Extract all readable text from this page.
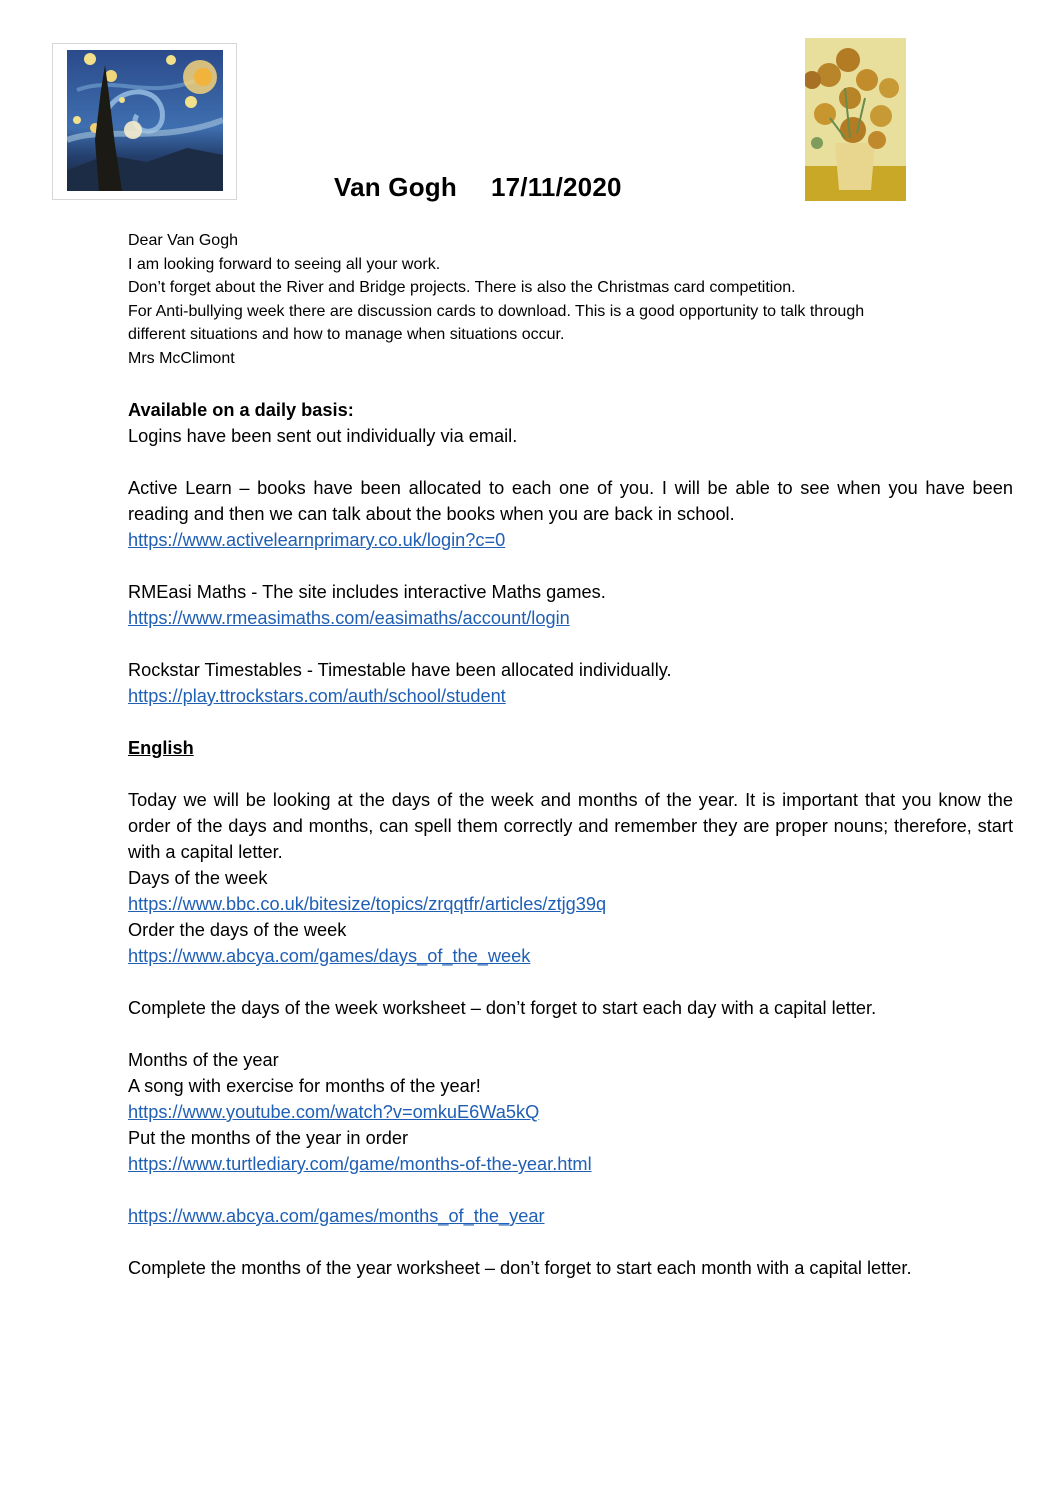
Van Gogh 17/11/2020

Dear Van Gogh

I am looking forward to seeing all your work.

Don’t forget about the River and Bridge projects. There is also the Christmas card competition.

For Anti-bullying week there are discussion cards to download. This is a good opportunity to talk through

different situations and how to manage when situations occur.

Mrs McClimont

Available on a daily basis:

Logins have been sent out individually via email.

Active Learn – books have been allocated to each one of you. I will be able to see when you have been reading and then we can talk about the books when you are back in school.

https://www.activelearnprimary.co.uk/login?c=0

RMEasi Maths - The site includes interactive Maths games.

https://www.rmeasimaths.com/easimaths/account/login

Rockstar Timestables - Timestable have been allocated individually.

https://play.ttrockstars.com/auth/school/student

English

Today we will be looking at the days of the week and months of the year. It is important that you know the order of the days and months, can spell them correctly and remember they are proper nouns; therefore, start with a capital letter.

Days of the week

https://www.bbc.co.uk/bitesize/topics/zrqqtfr/articles/ztjg39q

Order the days of the week

https://www.abcya.com/games/days_of_the_week

Complete the days of the week worksheet – don’t forget to start each day with a capital letter.

Months of the year

A song with exercise for months of the year!

https://www.youtube.com/watch?v=omkuE6Wa5kQ

Put the months of the year in order

https://www.turtlediary.com/game/months-of-the-year.html

https://www.abcya.com/games/months_of_the_year

Complete the months of the year worksheet – don’t forget to start each month with a capital letter.
